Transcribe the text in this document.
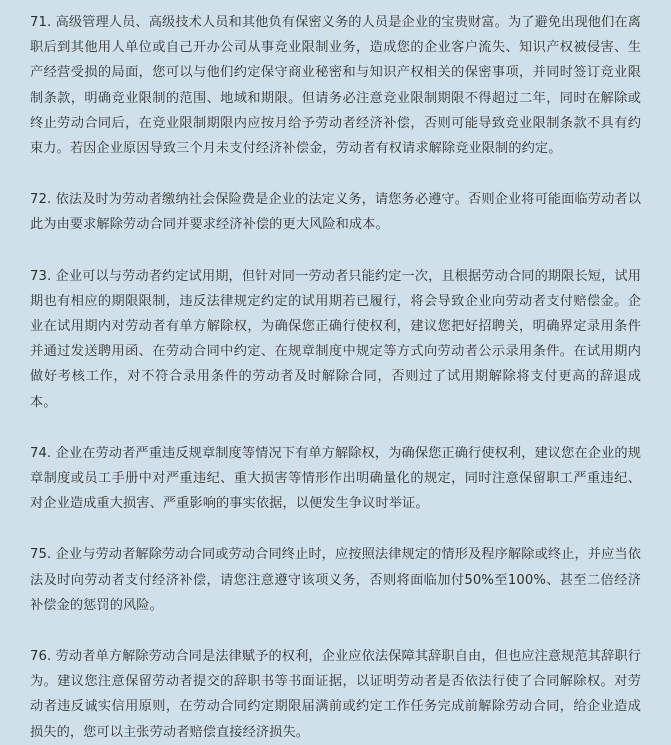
71. 高级管理人员、高级技术人员和其他负有保密义务的人员是企业的宝贵财富。为了避免出现他们在离职后到其他用人单位或自己开办公司从事竞业限制业务，造成您的企业客户流失、知识产权被侵害、生产经营受损的局面，您可以与他们约定保守商业秘密和与知识产权相关的保密事项，并同时签订竞业限制条款，明确竞业限制的范围、地域和期限。但请务必注意竞业限制期限不得超过二年，同时在解除或终止劳动合同后，在竞业限制期限内应按月给予劳动者经济补偿，否则可能导致竞业限制条款不具有约束力。若因企业原因导致三个月未支付经济补偿金，劳动者有权请求解除竞业限制的约定。

72. 依法及时为劳动者缴纳社会保险费是企业的法定义务，请您务必遵守。否则企业将可能面临劳动者以此为由要求解除劳动合同并要求经济补偿的更大风险和成本。

73. 企业可以与劳动者约定试用期，但针对同一劳动者只能约定一次，且根据劳动合同的期限长短，试用期也有相应的期限限制，违反法律规定约定的试用期若已履行，将会导致企业向劳动者支付赔偿金。企业在试用期内对劳动者有单方解除权，为确保您正确行使权利，建议您把好招聘关，明确界定录用条件并通过发送聘用函、在劳动合同中约定、在规章制度中规定等方式向劳动者公示录用条件。在试用期内做好考核工作，对不符合录用条件的劳动者及时解除合同，否则过了试用期解除将支付更高的辞退成本。

74. 企业在劳动者严重违反规章制度等情况下有单方解除权，为确保您正确行使权利，建议您在企业的规章制度或员工手册中对严重违纪、重大损害等情形作出明确量化的规定，同时注意保留职工严重违纪、对企业造成重大损害、严重影响的事实依据，以便发生争议时举证。

75. 企业与劳动者解除劳动合同或劳动合同终止时，应按照法律规定的情形及程序解除或终止，并应当依法及时向劳动者支付经济补偿，请您注意遵守该项义务，否则将面临加付50%至100%、甚至二倍经济补偿金的惩罚的风险。

76. 劳动者单方解除劳动合同是法律赋予的权利，企业应依法保障其辞职自由，但也应注意规范其辞职行为。建议您注意保留劳动者提交的辞职书等书面证据，以证明劳动者是否依法行使了合同解除权。对劳动者违反诚实信用原则，在劳动合同约定期限届满前或约定工作任务完成前解除劳动合同，给企业造成损失的，您可以主张劳动者赔偿直接经济损失。
